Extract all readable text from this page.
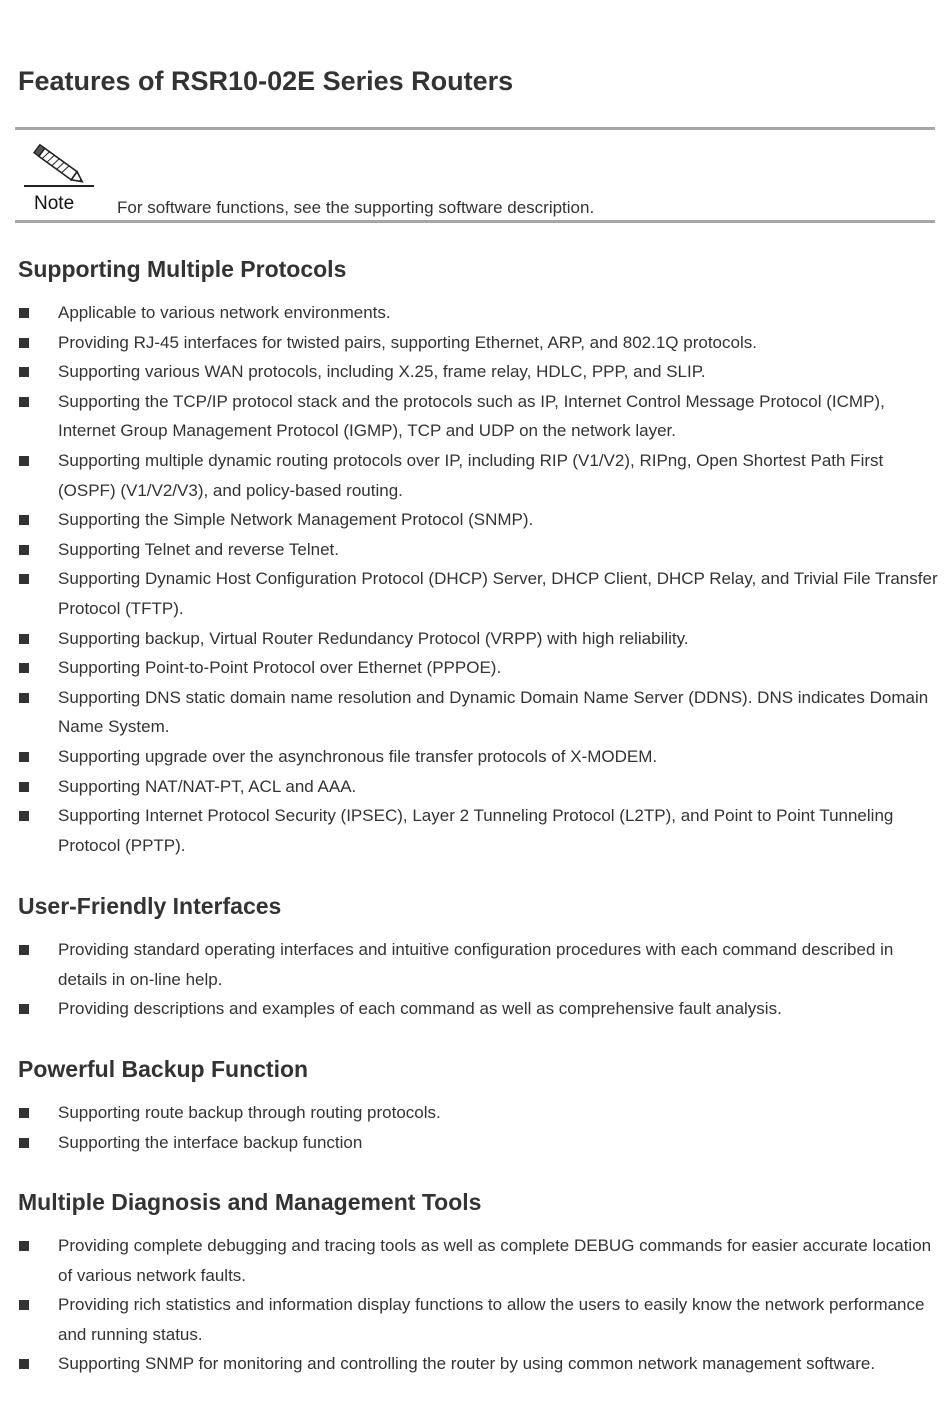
Features of RSR10-02E Series Routers
Note	For software functions, see the supporting software description.
Supporting Multiple Protocols
Applicable to various network environments.
Providing RJ-45 interfaces for twisted pairs, supporting Ethernet, ARP, and 802.1Q protocols.
Supporting various WAN protocols, including X.25, frame relay, HDLC, PPP, and SLIP.
Supporting the TCP/IP protocol stack and the protocols such as IP, Internet Control Message Protocol (ICMP), Internet Group Management Protocol (IGMP), TCP and UDP on the network layer.
Supporting multiple dynamic routing protocols over IP, including RIP (V1/V2), RIPng, Open Shortest Path First (OSPF) (V1/V2/V3), and policy-based routing.
Supporting the Simple Network Management Protocol (SNMP).
Supporting Telnet and reverse Telnet.
Supporting Dynamic Host Configuration Protocol (DHCP) Server, DHCP Client, DHCP Relay, and Trivial File Transfer Protocol (TFTP).
Supporting backup, Virtual Router Redundancy Protocol (VRPP) with high reliability.
Supporting Point-to-Point Protocol over Ethernet (PPPOE).
Supporting DNS static domain name resolution and Dynamic Domain Name Server (DDNS). DNS indicates Domain Name System.
Supporting upgrade over the asynchronous file transfer protocols of X-MODEM.
Supporting NAT/NAT-PT, ACL and AAA.
Supporting Internet Protocol Security (IPSEC), Layer 2 Tunneling Protocol (L2TP), and Point to Point Tunneling Protocol (PPTP).
User-Friendly Interfaces
Providing standard operating interfaces and intuitive configuration procedures with each command described in details in on-line help.
Providing descriptions and examples of each command as well as comprehensive fault analysis.
Powerful Backup Function
Supporting route backup through routing protocols.
Supporting the interface backup function
Multiple Diagnosis and Management Tools
Providing complete debugging and tracing tools as well as complete DEBUG commands for easier accurate location of various network faults.
Providing rich statistics and information display functions to allow the users to easily know the network performance and running status.
Supporting SNMP for monitoring and controlling the router by using common network management software.
